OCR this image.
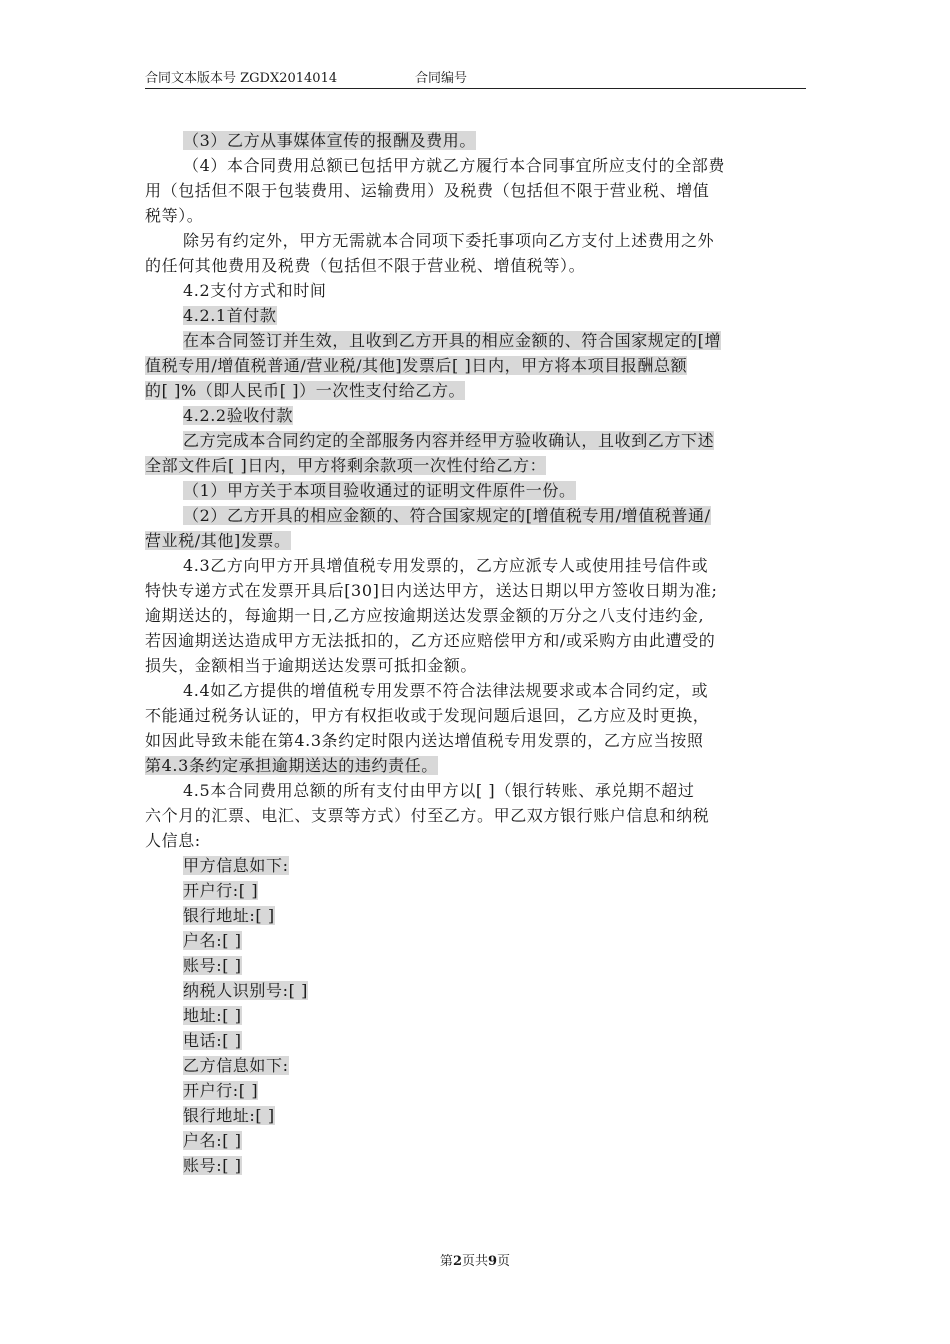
合同文本版本号 ZGDX2014014	合同编号
（3）乙方从事媒体宣传的报酬及费用。
（4）本合同费用总额已包括甲方就乙方履行本合同事宜所应支付的全部费
用（包括但不限于包装费用、运输费用）及税费（包括但不限于营业税、增值
税等）。
除另有约定外，甲方无需就本合同项下委托事项向乙方支付上述费用之外
的任何其他费用及税费（包括但不限于营业税、增值税等）。
4.2支付方式和时间
4.2.1首付款
在本合同签订并生效，且收到乙方开具的相应金额的、符合国家规定的[增
值税专用/增值税普通/营业税/其他]发票后[ ]日内，甲方将本项目报酬总额
的[ ]%（即人民币[ ]）一次性支付给乙方。
4.2.2验收付款
乙方完成本合同约定的全部服务内容并经甲方验收确认，且收到乙方下述
全部文件后[ ]日内，甲方将剩余款项一次性付给乙方：
（1）甲方关于本项目验收通过的证明文件原件一份。
（2）乙方开具的相应金额的、符合国家规定的[增值税专用/增值税普通/
营业税/其他]发票。
4.3乙方向甲方开具增值税专用发票的，乙方应派专人或使用挂号信件或
特快专递方式在发票开具后[30]日内送达甲方，送达日期以甲方签收日期为准;
逾期送达的，每逾期一日,乙方应按逾期送达发票金额的万分之八支付违约金,
若因逾期送达造成甲方无法抵扣的，乙方还应赔偿甲方和/或采购方由此遭受的
损失，金额相当于逾期送达发票可抵扣金额。
4.4如乙方提供的增值税专用发票不符合法律法规要求或本合同约定，或
不能通过税务认证的，甲方有权拒收或于发现问题后退回，乙方应及时更换，
如因此导致未能在第4.3条约定时限内送达增值税专用发票的，乙方应当按照
第4.3条约定承担逾期送达的违约责任。
4.5本合同费用总额的所有支付由甲方以[ ]（银行转账、承兑期不超过
六个月的汇票、电汇、支票等方式）付至乙方。甲乙双方银行账户信息和纳税
人信息:
甲方信息如下:
开户行:[ ]
银行地址:[ ]
户名:[ ]
账号:[ ]
纳税人识别号:[ ]
地址:[ ]
电话:[ ]
乙方信息如下:
开户行:[ ]
银行地址:[ ]
户名:[ ]
账号:[ ]
第2页共9页
